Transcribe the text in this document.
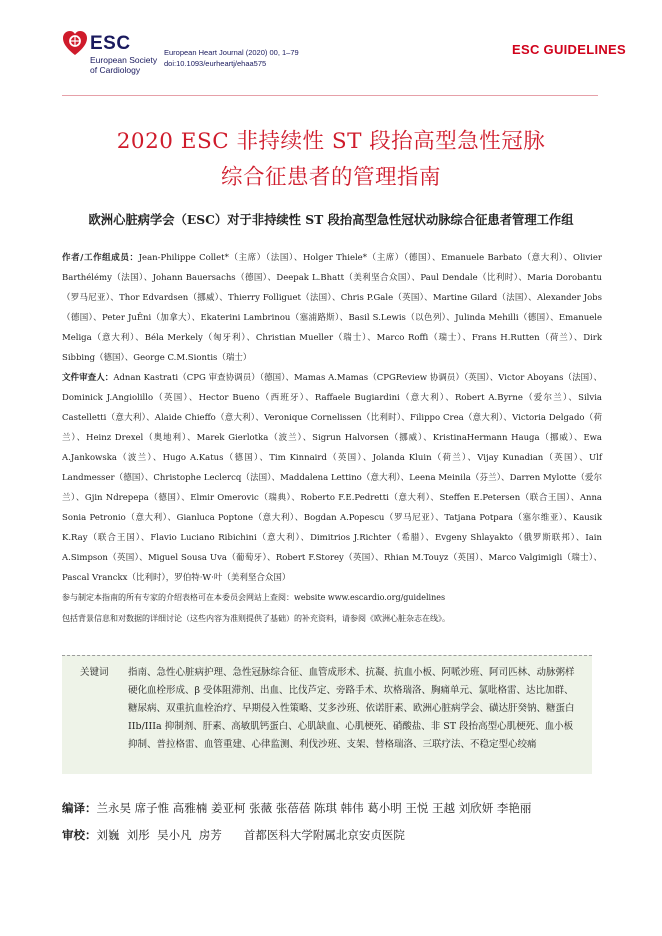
ESC
European Society
of Cardiology
European Heart Journal (2020) 00, 1–79
doi:10.1093/eurheartj/ehaa575
ESC GUIDELINES
2020 ESC 非持续性 ST 段抬高型急性冠脉
综合征患者的管理指南
欧洲心脏病学会（ESC）对于非持续性 ST 段抬高型急性冠状动脉综合征患者管理工作组
作者/工作组成员：Jean-Philippe Collet*（主席）（法国）、Holger Thiele*（主席）（德国）、Emanuele Barbato（意大利）、Olivier Barthélémy（法国）、Johann Bauersachs（德国）、Deepak L.Bhatt（美利坚合众国）、Paul Dendale（比利时）、Maria Dorobantu（罗马尼亚）、Thor Edvardsen（挪威）、Thierry Folliguet（法国）、Chris P.Gale（英国）、Martine Gilard（法国）、Alexander Jobs（德国）、Peter JuÊni（加拿大）、Ekaterini Lambrinou（塞浦路斯）、Basil S.Lewis（以色列）、Julinda Mehilli（德国）、Emanuele Meliga（意大利）、Béla Merkely（匈牙利）、Christian Mueller（瑞士）、Marco Roffi（瑞士）、Frans H.Rutten（荷兰）、Dirk Sibbing（德国）、George C.M.Siontis（瑞士）
文件审查人：Adnan Kastrati（CPG 审查协调员）（德国）、Mamas A.Mamas（CPGReview 协调员）（英国）、Victor Aboyans（法国）、Dominick J.Angiolillo（英国）、Hector Bueno（西班牙）、Raffaele Bugiardini（意大利）、Robert A.Byrne（爱尔兰）、Silvia Castelletti（意大利）、Alaide Chieffo（意大利）、Veronique Cornelissen（比利时）、Filippo Crea（意大利）、Victoria Delgado（荷兰）、Heinz Drexel（奥地利）、Marek Gierlotka（波兰）、Sigrun Halvorsen（挪威）、KristinaHermann Hauga（挪威）、Ewa A.Jankowska（波兰）、Hugo A.Katus（德国）、Tim Kinnaird（英国）、Jolanda Kluin（荷兰）、Vijay Kunadian（英国）、Ulf Landmesser（德国）、Christophe Leclercq（法国）、Maddalena Lettino（意大利）、Leena Meinila（芬兰）、Darren Mylotte（爱尔兰）、Gjin Ndrepepa（德国）、Elmir Omerovic（瑞典）、Roberto F.E.Pedretti（意大利）、Steffen E.Petersen（联合王国）、Anna Sonia Petronio（意大利）、Gianluca Poptone（意大利）、Bogdan A.Popescu（罗马尼亚）、Tatjana Potpara（塞尔维亚）、Kausik K.Ray（联合王国）、Flavio Luciano Ribichini（意大利）、Dimitrios J.Richter（希腊）、Evgeny Shlayakto（俄罗斯联邦）、Iain A.Simpson（英国）、Miguel Sousa Uva（葡萄牙）、Robert F.Storey（英国）、Rhian M.Touyz（英国）、Marco Valgimigli（瑞士）、Pascal Vranckx（比利时），罗伯特·W·叶（美利坚合众国）
参与制定本指南的所有专家的介绍表格可在本委员会网站上查阅：website www.escardio.org/guidelines
包括背景信息和对数据的详细讨论（这些内容为准则提供了基础）的补充资料，请参阅《欧洲心脏杂志在线》。
关键词 指南、急性心脏病护理、急性冠脉综合征、血管成形术、抗凝、抗血小板、阿哌沙班、阿司匹林、动脉粥样硬化血栓形成、β 受体阻滞剂、出血、比伐芦定、旁路手术、坎格瑞洛、胸痛单元、氯吡格雷、达比加群、糖尿病、双重抗血栓治疗、早期侵入性策略、艾多沙班、依诺肝素、欧洲心脏病学会、磺达肝癸钠、糖蛋白 IIb/IIIa 抑制剂、肝素、高敏肌钙蛋白、心肌缺血、心肌梗死、硝酸盐、非 ST 段抬高型心肌梗死、血小板抑制、普拉格雷、血管重建、心律监测、利伐沙班、支架、替格瑞洛、三联疗法、不稳定型心绞痛
编译：兰永昊 席子惟 高雅楠 姜亚柯 张薇 张蓓蓓 陈琪 韩伟 葛小明 王悦 王越 刘欣妍 李艳丽
审校：刘巍  刘彤  吴小凡  房芳      首都医科大学附属北京安贞医院
